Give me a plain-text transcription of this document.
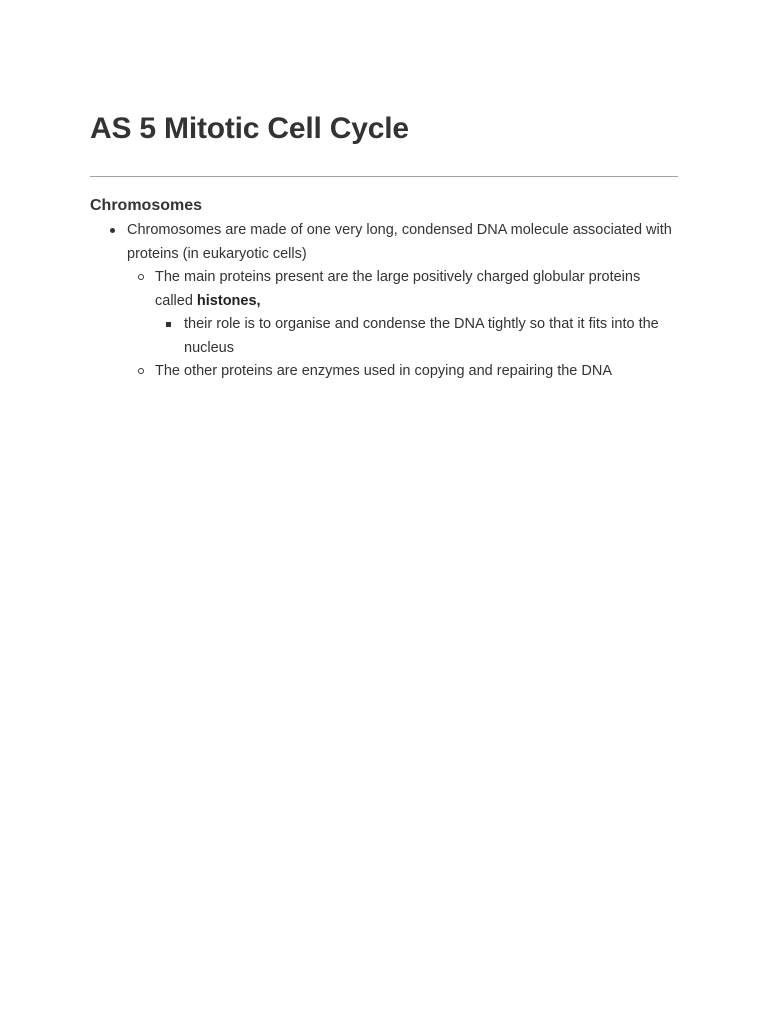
AS 5 Mitotic Cell Cycle
Chromosomes
Chromosomes are made of one very long, condensed DNA molecule associated with proteins (in eukaryotic cells)
The main proteins present are the large positively charged globular proteins called histones,
their role is to organise and condense the DNA tightly so that it fits into the nucleus
The other proteins are enzymes used in copying and repairing the DNA
